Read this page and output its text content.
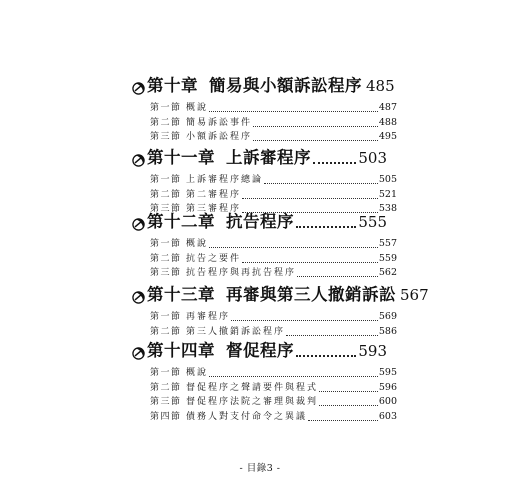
第十章 簡易與小額訴訟程序 485
第一節 概說	487
第二節 簡易訴訟事件	488
第三節 小額訴訟程序	495
第十一章 上訴審程序	503
第一節 上訴審程序總論	505
第二節 第二審程序	521
第三節 第三審程序	538
第十二章 抗告程序	555
第一節 概說	557
第二節 抗告之要件	559
第三節 抗告程序與再抗告程序	562
第十三章 再審與第三人撤銷訴訟 567
第一節 再審程序	569
第二節 第三人撤銷訴訟程序	586
第十四章 督促程序	593
第一節 概說	595
第二節 督促程序之聲請要件與程式	596
第三節 督促程序法院之審理與裁判	600
第四節 債務人對支付命令之異議	603
- 目錄3 -
